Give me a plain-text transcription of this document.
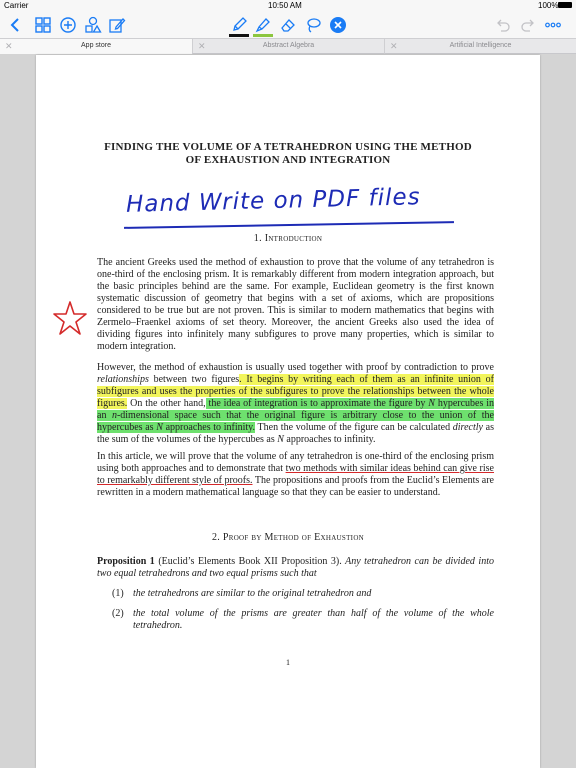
Carrier	10:50 AM	100%
✕	App store	✕	Abstract Algebra	✕	Artificial Intelligence
FINDING THE VOLUME OF A TETRAHEDRON USING THE METHOD
OF EXHAUSTION AND INTEGRATION
Hand Write on PDF files
1. Introduction
The ancient Greeks used the method of exhaustion to prove that the volume of any tetrahedron is one-third of the enclosing prism. It is remarkably different from modern integration approach, but the basic principles behind are the same. For example, Euclidean geometry is the first known systematic discussion of geometry that begins with a set of axioms, which are propositions considered to be true but are not proven. This is similar to modern mathematics that begins with Zermelo–Fraenkel axioms of set theory. Moreover, the ancient Greeks also used the idea of dividing figures into infinitely many subfigures to prove many properties, which is similar to modern integration.
However, the method of exhaustion is usually used together with proof by contradiction to prove relationships between two figures. It begins by writing each of them as an infinite union of subfigures and uses the properties of the subfigures to prove the relationships between the whole figures. On the other hand, the idea of integration is to approximate the figure by N hypercubes in an n-dimensional space such that the original figure is arbitrary close to the union of the hypercubes as N approaches to infinity. Then the volume of the figure can be calculated directly as the sum of the volumes of the hypercubes as N approaches to infinity.
In this article, we will prove that the volume of any tetrahedron is one-third of the enclosing prism using both approaches and to demonstrate that two methods with similar ideas behind can give rise to remarkably different style of proofs. The propositions and proofs from the Euclid’s Elements are rewritten in a modern mathematical language so that they can be easier to understand.
2. Proof by Method of Exhaustion
Proposition 1 (Euclid’s Elements Book XII Proposition 3). Any tetrahedron can be divided into two equal tetrahedrons and two equal prisms such that
(1) the tetrahedrons are similar to the original tetrahedron and
(2) the total volume of the prisms are greater than half of the volume of the whole tetrahedron.
1
